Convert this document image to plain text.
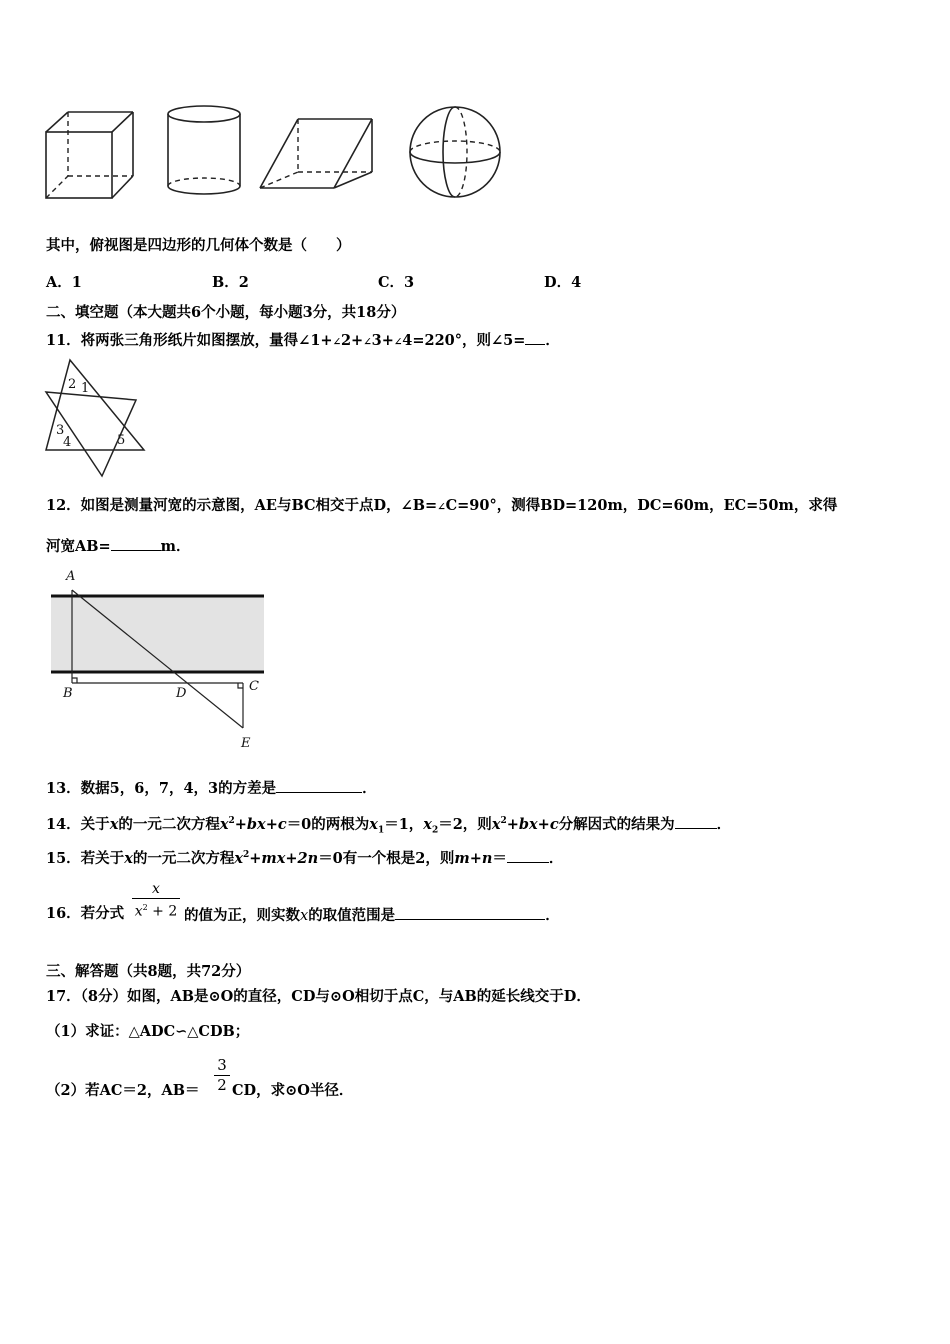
其中，俯视图是四边形的几何体个数是（　　）
A．1	B．2	C．3	D．4
二、填空题（本大题共6个小题，每小题3分，共18分）
11．将两张三角形纸片如图摆放，量得∠1+∠2+∠3+∠4=220°，则∠5= ．
2 1
3
4	5
12．如图是测量河宽的示意图，AE与BC相交于点D，∠B=∠C=90°，测得BD=120m，DC=60m，EC=50m，求得
河宽AB=	m．
A
B	D	C
E
13．数据5，6，7，4，3的方差是	．
14．关于x的一元二次方程$x^2+bx+c=0$的两根为$x_1=1$，$x_2=2$，则$x^2+bx+c$分解因式的结果为	．
15．若关于x的一元二次方程$x^2+mx+2n=0$有一个根是2，则m+n＝	．
x
$x^2 + 2$
16．若分式	的值为正，则实数x的取值范围是	．
三、解答题（共8题，共72分）
17．（8分）如图，AB是⊙O的直径，CD与⊙O相切于点C，与AB的延长线交于D．
（1）求证：△ADC∽△CDB；
3
2
（2）若AC＝2，AB＝ CD，求⊙O半径．
